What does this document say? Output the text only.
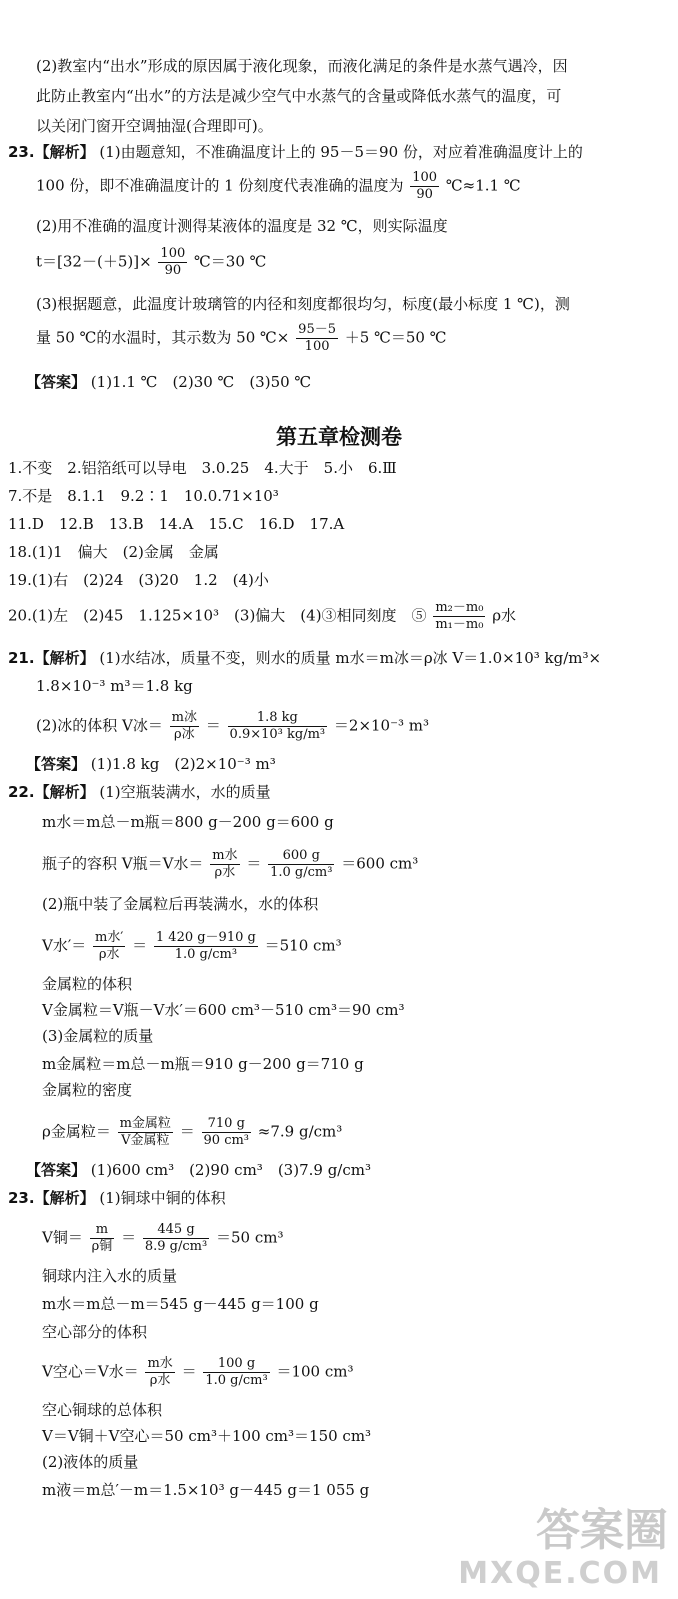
(2)教室内“出水”形成的原因属于液化现象，而液化满足的条件是水蒸气遇冷，因
此防止教室内“出水”的方法是减少空气中水蒸气的含量或降低水蒸气的温度，可
以关闭门窗开空调抽湿(合理即可)。
23.【解析】 (1)由题意知，不准确温度计上的 95－5＝90 份，对应着准确温度计上的
100 份，即不准确温度计的 1 份刻度代表准确的温度为 $\frac{100}{90}$ ℃≈1.1 ℃
(2)用不准确的温度计测得某液体的温度是 32 ℃，则实际温度
$t=[32-(+5)]\times \frac{100}{90}$ ℃＝30 ℃
(3)根据题意，此温度计玻璃管的内径和刻度都很均匀，标度(最小标度 1 ℃)，测
量 50 ℃的水温时，其示数为 50 ℃× $\frac{95-5}{100} +5$ ℃＝50 ℃
【答案】 (1)1.1 ℃　(2)30 ℃　(3)50 ℃
第五章检测卷
1.不变　2.铝箔纸可以导电　3.0.25　4.大于　5.小　6.Ⅲ
7.不是　8.1.1　9.2∶1　10.0.71×10³
11.D　12.B　13.B　14.A　15.C　16.D　17.A
18.(1)1　偏大　(2)金属　金属
19.(1)右　(2)24　(3)20　1.2　(4)小
20.(1)左　(2)45　1.125×10³　(3)偏大　(4)③相同刻度　⑤ $\frac{\text{m₂－m₀}}{\text{m₁－m₀}}$ ρ水
21.【解析】 (1)水结冰，质量不变，则水的质量 m水＝m冰＝ρ冰 V＝1.0×10³ kg/m³×
1.8×10⁻³ m³＝1.8 kg
(2)冰的体积 V冰＝ $\frac{\text{m冰}}{\text{ρ冰}} = \frac{1.8 kg}{\text{0.9×10³ kg/m³}} =2\times 10^{-3}$ m³
【答案】 (1)1.8 kg　(2)2×10⁻³ m³
22.【解析】 (1)空瓶装满水，水的质量
m水＝m总－m瓶＝800 g－200 g＝600 g
瓶子的容积 V瓶＝V水＝ $\frac{\text{m水}}{\text{ρ水}} = \frac{600 g}{\text{1.0 g/cm³}} =600$ cm³
(2)瓶中装了金属粒后再装满水，水的体积
V水′＝ $\frac{\text{m水′}}{\text{ρ水}} = \frac{1 420 g-910 g}{\text{1.0 g/cm³}} =510$ cm³
金属粒的体积
V金属粒＝V瓶－V水′＝600 cm³－510 cm³＝90 cm³
(3)金属粒的质量
m金属粒＝m总－m瓶＝910 g－200 g＝710 g
金属粒的密度
ρ金属粒＝ $\frac{\text{m金属粒}}{\text{V金属粒}} = \frac{710 g}{\text{90 cm³}} \approx 7.9$ g/cm³
【答案】 (1)600 cm³　(2)90 cm³　(3)7.9 g/cm³
23.【解析】 (1)铜球中铜的体积
V铜＝ $\frac{m}{\text{ρ铜}} = \frac{445 g}{\text{8.9 g/cm³}} =50$ cm³
铜球内注入水的质量
m水＝m总－m＝545 g－445 g＝100 g
空心部分的体积
V空心＝V水＝ $\frac{\text{m水}}{\text{ρ水}} = \frac{100 g}{\text{1.0 g/cm³}} =100$ cm³
空心铜球的总体积
V＝V铜＋V空心＝50 cm³＋100 cm³＝150 cm³
(2)液体的质量
m液＝m总′－m＝1.5×10³ g－445 g＝1 055 g
答案圈
MXQE.COM
